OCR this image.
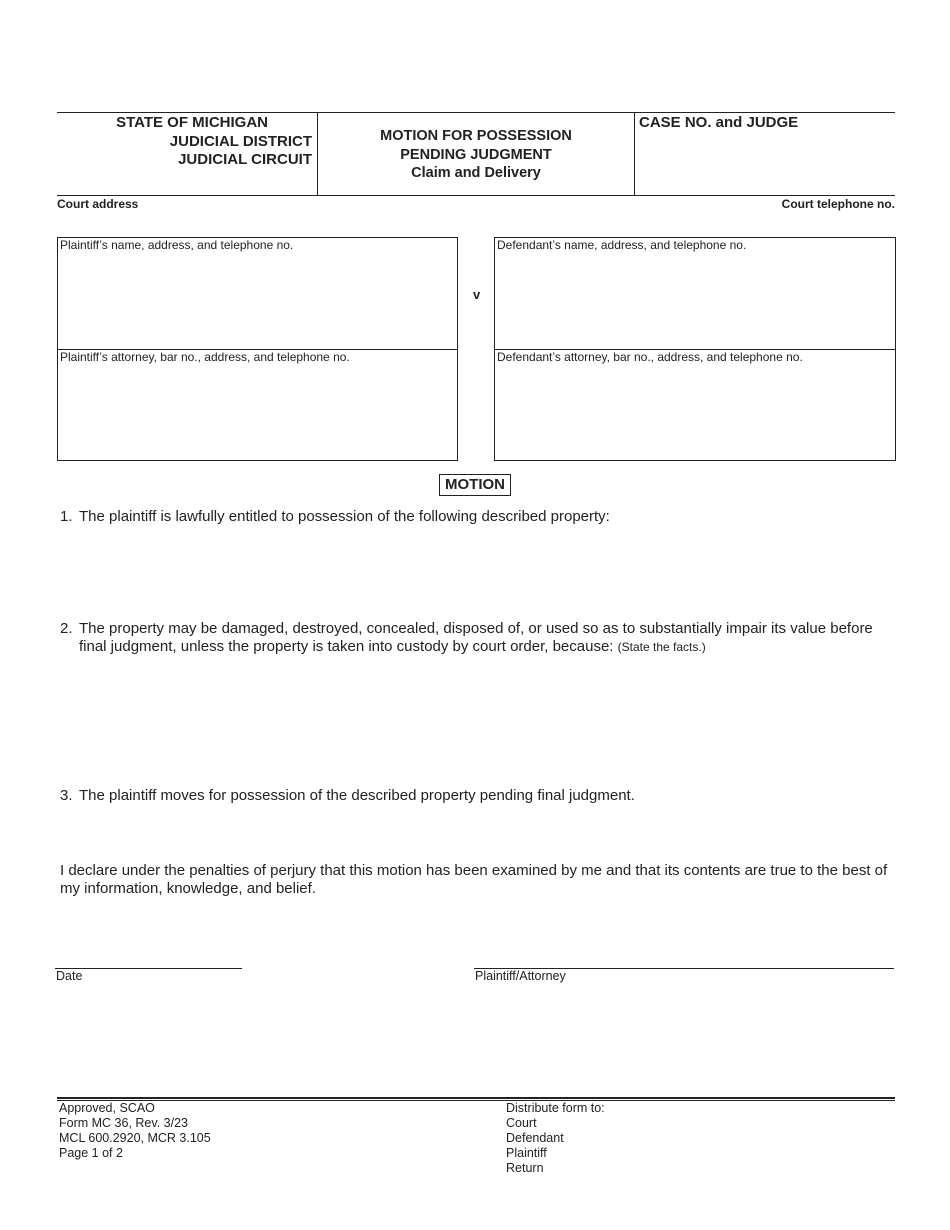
STATE OF MICHIGAN
JUDICIAL DISTRICT
JUDICIAL CIRCUIT
MOTION FOR POSSESSION
PENDING JUDGMENT
Claim and Delivery
CASE NO. and JUDGE
Court address	Court telephone no.
Plaintiff’s name, address, and telephone no.
Plaintiff’s attorney, bar no., address, and telephone no.
v
Defendant’s name, address, and telephone no.
Defendant’s attorney, bar no., address, and telephone no.
MOTION
1. The plaintiff is lawfully entitled to possession of the following described property:
2. The property may be damaged, destroyed, concealed, disposed of, or used so as to substantially impair its value before final judgment, unless the property is taken into custody by court order, because: (State the facts.)
3. The plaintiff moves for possession of the described property pending final judgment.
I declare under the penalties of perjury that this motion has been examined by me and that its contents are true to the best of my information, knowledge, and belief.
Date	Plaintiff/Attorney
Approved, SCAO
Form MC 36, Rev. 3/23
MCL 600.2920, MCR 3.105
Page 1 of 2
Distribute form to:
Court
Defendant
Plaintiff
Return
